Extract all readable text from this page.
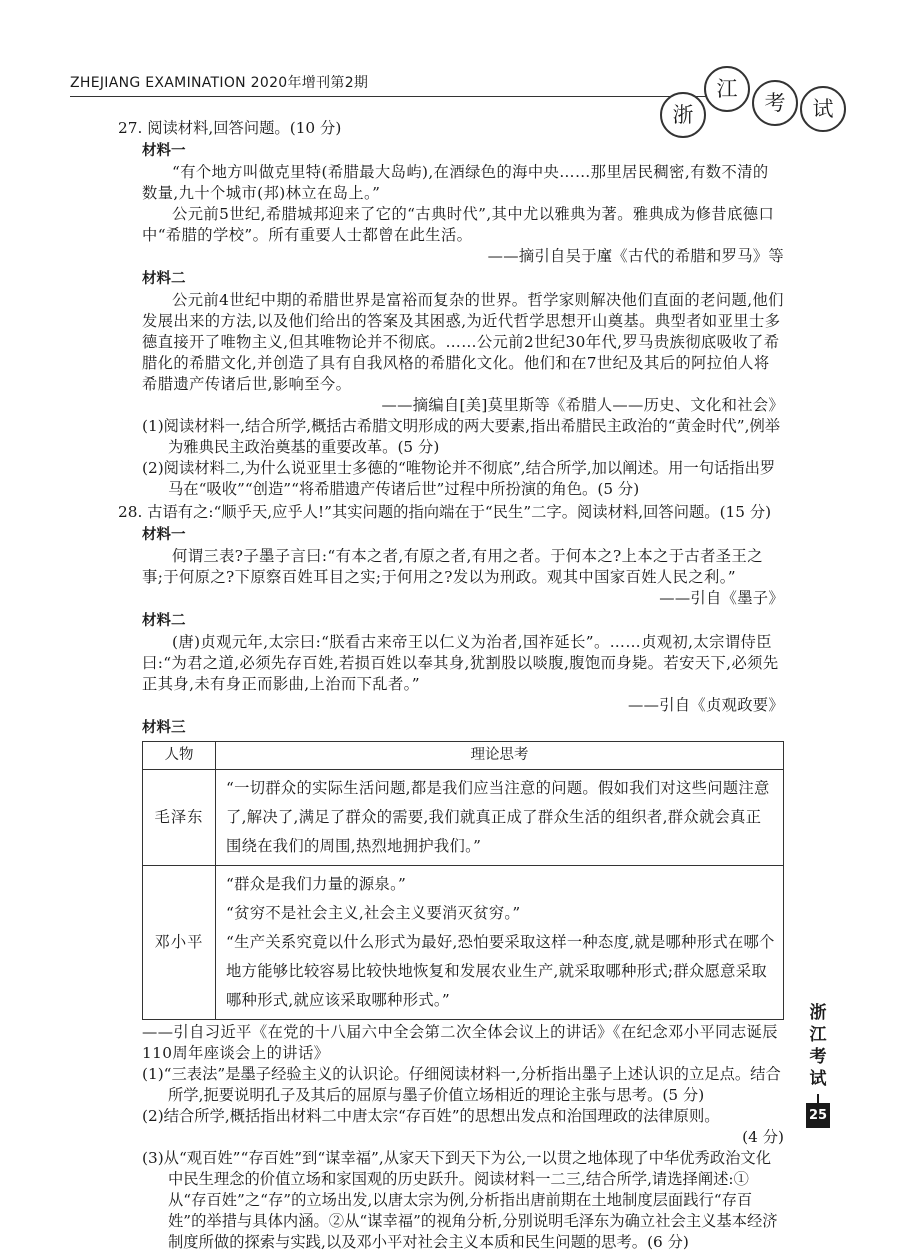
ZHEJIANG EXAMINATION 2020年增刊第2期
浙
江
考	试

27. 阅读材料,回答问题。(10 分)

材料一

“有个地方叫做克里特(希腊最大岛屿),在酒绿色的海中央……那里居民稠密,有数不清的数量,九十个城市(邦)林立在岛上。”

公元前5世纪,希腊城邦迎来了它的“古典时代”,其中尤以雅典为著。雅典成为修昔底德口中“希腊的学校”。所有重要人士都曾在此生活。

——摘引自吴于廑《古代的希腊和罗马》等

材料二

公元前4世纪中期的希腊世界是富裕而复杂的世界。哲学家则解决他们直面的老问题,他们发展出来的方法,以及他们给出的答案及其困惑,为近代哲学思想开山奠基。典型者如亚里士多德直接开了唯物主义,但其唯物论并不彻底。……公元前2世纪30年代,罗马贵族彻底吸收了希腊化的希腊文化,并创造了具有自我风格的希腊化文化。他们和在7世纪及其后的阿拉伯人将希腊遗产传诸后世,影响至今。

——摘编自[美]莫里斯等《希腊人——历史、文化和社会》

(1)阅读材料一,结合所学,概括古希腊文明形成的两大要素,指出希腊民主政治的“黄金时代”,例举为雅典民主政治奠基的重要改革。(5 分)

(2)阅读材料二,为什么说亚里士多德的“唯物论并不彻底”,结合所学,加以阐述。用一句话指出罗马在“吸收”“创造”“将希腊遗产传诸后世”过程中所扮演的角色。(5 分)

28. 古语有之:“顺乎天,应乎人!”其实问题的指向端在于“民生”二字。阅读材料,回答问题。(15 分)

材料一

何谓三表?子墨子言曰:“有本之者,有原之者,有用之者。于何本之?上本之于古者圣王之事;于何原之?下原察百姓耳目之实;于何用之?发以为刑政。观其中国家百姓人民之利。”

——引自《墨子》

材料二

(唐)贞观元年,太宗曰:“朕看古来帝王以仁义为治者,国祚延长”。……贞观初,太宗谓侍臣曰:“为君之道,必须先存百姓,若损百姓以奉其身,犹割股以啖腹,腹饱而身毙。若安天下,必须先正其身,未有身正而影曲,上治而下乱者。”

——引自《贞观政要》

材料三

人物	理论思考
毛泽东	“一切群众的实际生活问题,都是我们应当注意的问题。假如我们对这些问题注意了,解决了,满足了群众的需要,我们就真正成了群众生活的组织者,群众就会真正围绕在我们的周围,热烈地拥护我们。”

邓小平	“群众是我们力量的源泉。”

“贫穷不是社会主义,社会主义要消灭贫穷。”

“生产关系究竟以什么形式为最好,恐怕要采取这样一种态度,就是哪种形式在哪个地方能够比较容易比较快地恢复和发展农业生产,就采取哪种形式;群众愿意采取哪种形式,就应该采取哪种形式。”

——引自习近平《在党的十八届六中全会第二次全体会议上的讲话》《在纪念邓小平同志诞辰110周年座谈会上的讲话》

(1)“三表法”是墨子经验主义的认识论。仔细阅读材料一,分析指出墨子上述认识的立足点。结合所学,扼要说明孔子及其后的屈原与墨子价值立场相近的理论主张与思考。(5 分)

(2)结合所学,概括指出材料二中唐太宗“存百姓”的思想出发点和治国理政的法律原则。

(4 分)

(3)从“观百姓”“存百姓”到“谋幸福”,从家天下到天下为公,一以贯之地体现了中华优秀政治文化中民生理念的价值立场和家国观的历史跃升。阅读材料一二三,结合所学,请选择阐述:①从“存百姓”之“存”的立场出发,以唐太宗为例,分析指出唐前期在土地制度层面践行“存百姓”的举措与具体内涵。②从“谋幸福”的视角分析,分别说明毛泽东为确立社会主义基本经济制度所做的探索与实践,以及邓小平对社会主义本质和民生问题的思考。(6 分)

浙
江
考
试
25
